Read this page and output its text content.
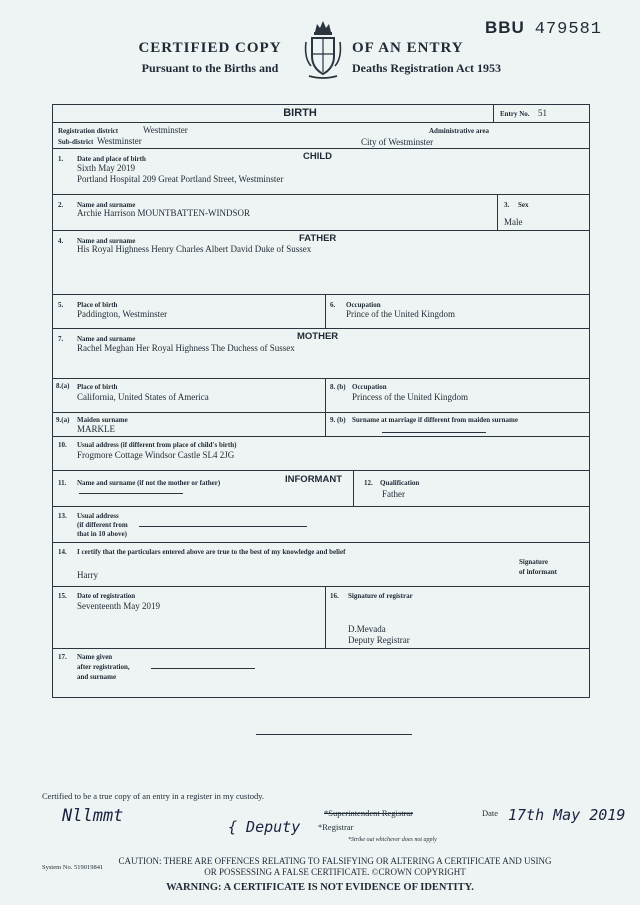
BBU 479581
CERTIFIED COPY
Pursuant to the Births and
OF AN ENTRY
Deaths Registration Act 1953
BIRTH	Entry No. 51
Registration district	Westminster	Administrative area
Sub-district Westminster	City of Westminster
1. Date and place of birth	CHILD
Sixth May 2019
Portland Hospital 209 Great Portland Street, Westminster
2. Name and surname
Archie Harrison MOUNTBATTEN-WINDSOR
3. Sex
Male
4. Name and surname	FATHER
His Royal Highness Henry Charles Albert David Duke of Sussex
5. Place of birth
Paddington, Westminster
6. Occupation
Prince of the United Kingdom
7. Name and surname	MOTHER
Rachel Meghan Her Royal Highness The Duchess of Sussex
8.(a) Place of birth
California, United States of America
8. (b) Occupation
Princess of the United Kingdom
9.(a) Maiden surname
MARKLE
9. (b) Surname at marriage if different from maiden surname
10. Usual address (if different from place of child's birth)
Frogmore Cottage Windsor Castle SL4 2JG
11. Name and surname (if not the mother or father)	INFORMANT	12. Qualification
Father
13. Usual address
(if different from
that in 10 above)
14. I certify that the particulars entered above are true to the best of my knowledge and belief
Harry
Signature
of informant
15. Date of registration
Seventeenth May 2019
16. Signature of registrar
D.Mevada
Deputy Registrar
17. Name given
after registration,
and surname
Certified to be a true copy of an entry in a register in my custody.
Nllmmt
{ Deputy
*Superintendent Registrar
*Registrar
*Strike out whichever does not apply
Date 17th May 2019
System No. 519019841
CAUTION: THERE ARE OFFENCES RELATING TO FALSIFYING OR ALTERING A CERTIFICATE AND USING
OR POSSESSING A FALSE CERTIFICATE. ©CROWN COPYRIGHT
WARNING: A CERTIFICATE IS NOT EVIDENCE OF IDENTITY.
